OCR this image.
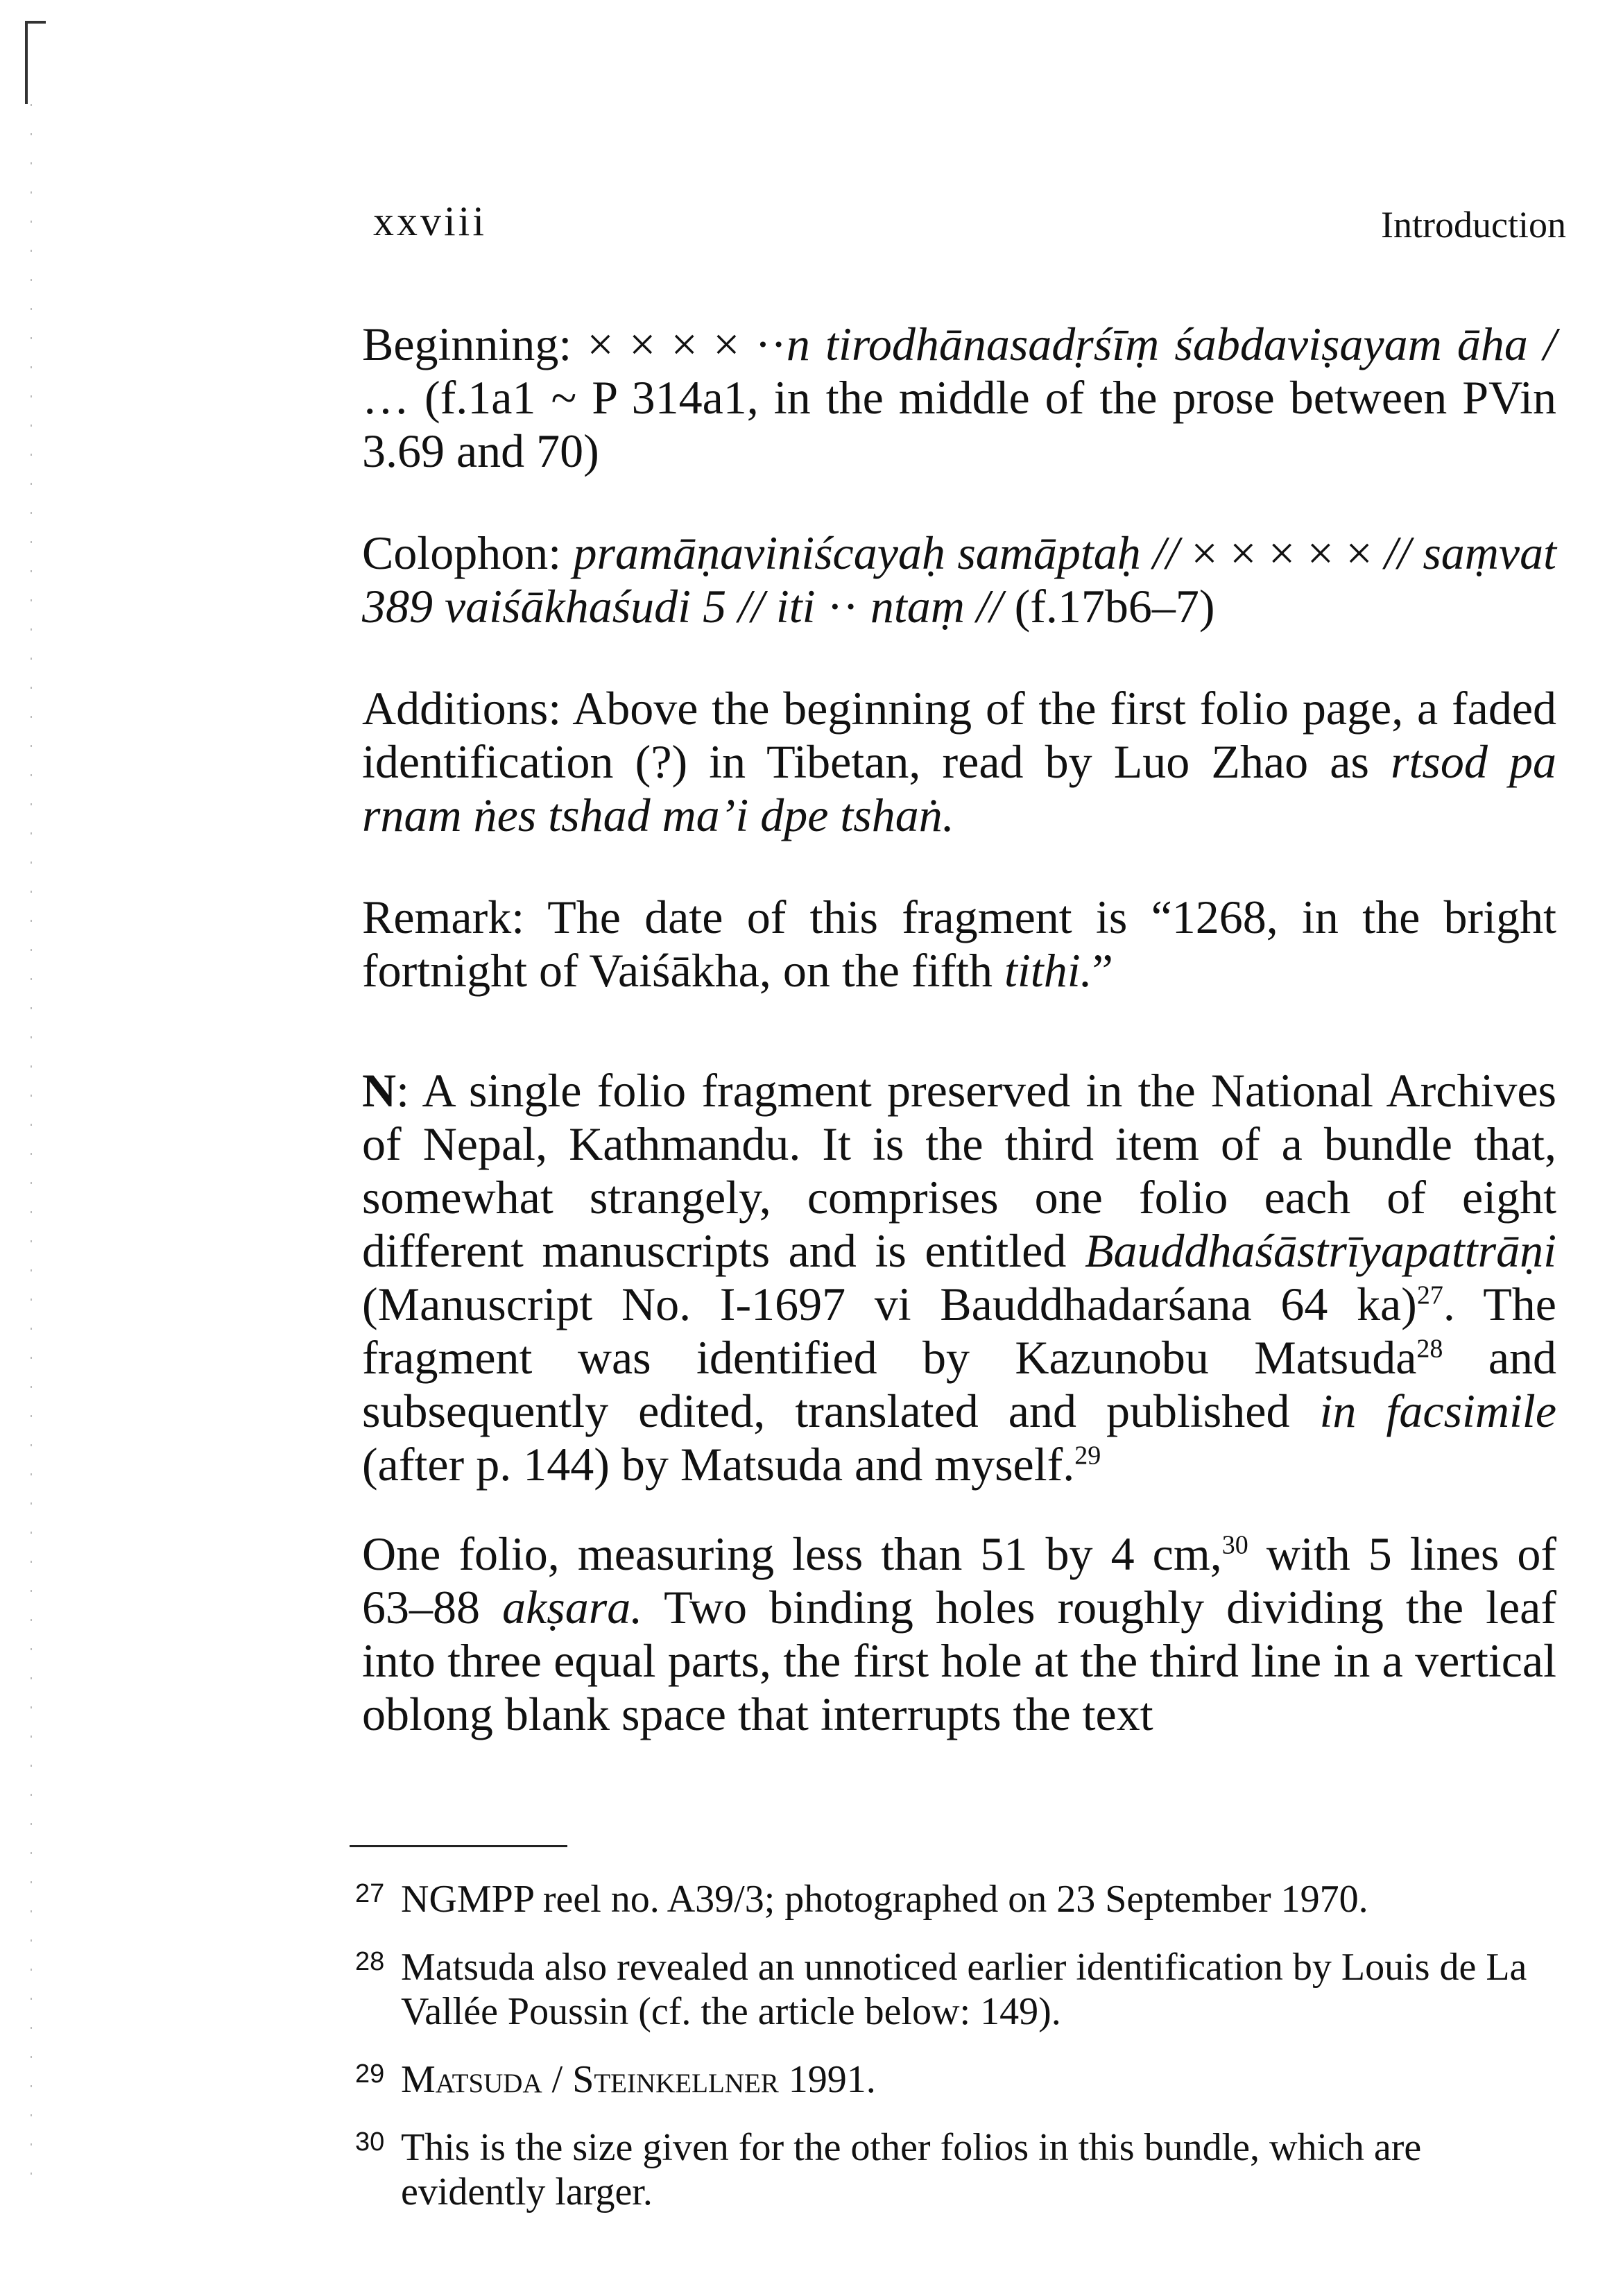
xxviii	Introduction

Beginning: × × × × ··n tirodhānasadṛśīṃ śabdaviṣayam āha / … (f.1a1 ~ P 314a1, in the middle of the prose between PVin 3.69 and 70)

Colophon: pramāṇaviniścayaḥ samāptaḥ // × × × × × // saṃvat 389 vaiśākhaśudi 5 // iti ·· ntaṃ // (f.17b6–7)

Additions: Above the beginning of the first folio page, a faded identification (?) in Tibetan, read by Luo Zhao as rtsod pa rnam ṅes tshad ma’i dpe tshaṅ.

Remark: The date of this fragment is “1268, in the bright fortnight of Vaiśākha, on the fifth tithi.”

N: A single folio fragment preserved in the National Archives of Nepal, Kathmandu. It is the third item of a bundle that, somewhat strangely, comprises one folio each of eight different manuscripts and is entitled Bauddhaśāstrīyapattrāṇi (Manuscript No. I-1697 vi Bauddhadarśana 64 ka)$^{27}$. The fragment was identified by Kazunobu Matsuda$^{28}$ and subsequently edited, translated and published in facsimile (after p. 144) by Matsuda and myself.$^{29}$

One folio, measuring less than 51 by 4 cm,$^{30}$ with 5 lines of 63–88 akṣara. Two binding holes roughly dividing the leaf into three equal parts, the first hole at the third line in a vertical oblong blank space that interrupts the text

27 NGMPP reel no. A39/3; photographed on 23 September 1970.
28 Matsuda also revealed an unnoticed earlier identification by Louis de La Vallée Poussin (cf. the article below: 149).
29 Matsuda / Steinkellner 1991.
30 This is the size given for the other folios in this bundle, which are evidently larger.
